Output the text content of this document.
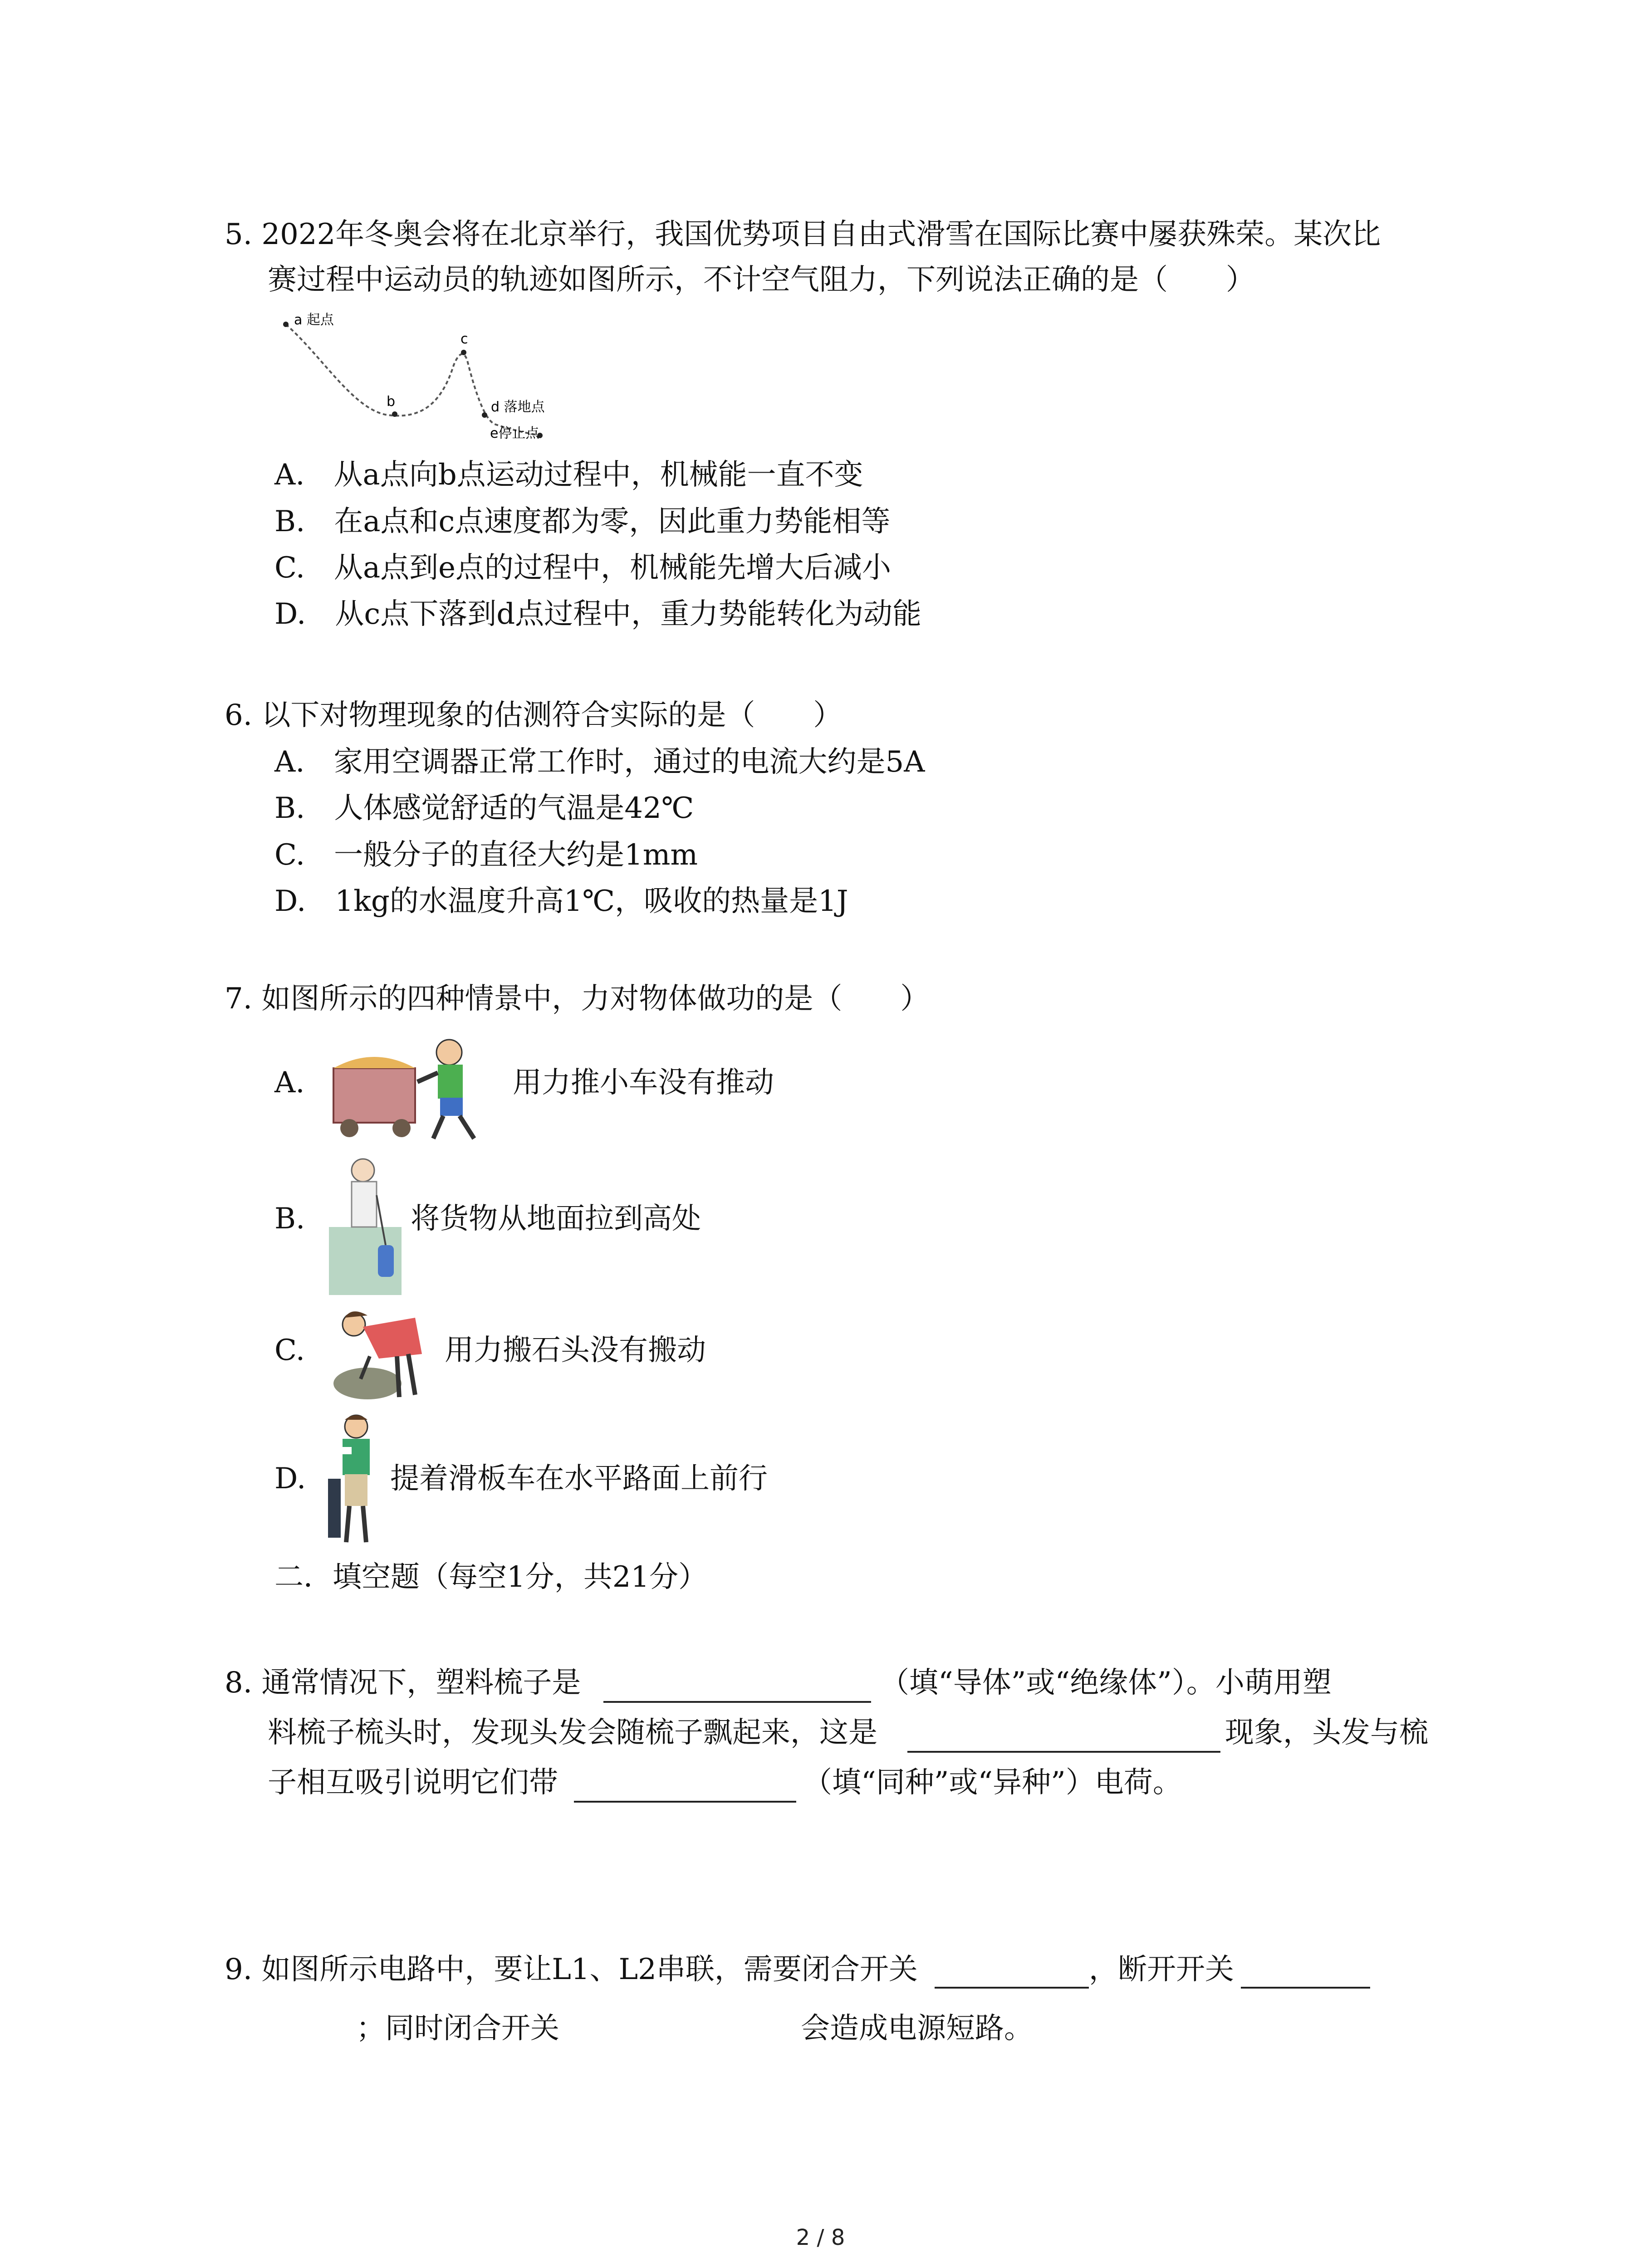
5. 2022年冬奥会将在北京举行，我国优势项目自由式滑雪在国际比赛中屡获殊荣。某次比
赛过程中运动员的轨迹如图所示，不计空气阻力，下列说法正确的是（　　）
a 起点
b
c
d 落地点
e停止点
A.　从a点向b点运动过程中，机械能一直不变
B.　在a点和c点速度都为零，因此重力势能相等
C.　从a点到e点的过程中，机械能先增大后减小
D.　从c点下落到d点过程中，重力势能转化为动能
6. 以下对物理现象的估测符合实际的是（　　）
A.　家用空调器正常工作时，通过的电流大约是5A
B.　人体感觉舒适的气温是42℃
C.　一般分子的直径大约是1mm
D.　1kg的水温度升高1℃，吸收的热量是1J
7. 如图所示的四种情景中，力对物体做功的是（　　）
A.	用力推小车没有推动
B.	将货物从地面拉到高处
C.	用力搬石头没有搬动
D.	提着滑板车在水平路面上前行
二．填空题（每空1分，共21分）
8. 通常情况下，塑料梳子是	（填“导体”或“绝缘体”）。小萌用塑
料梳子梳头时，发现头发会随梳子飘起来，这是	现象，头发与梳
子相互吸引说明它们带	（填“同种”或“异种”）电荷。
9. 如图所示电路中，要让L1、L2串联，需要闭合开关	，断开开关
；同时闭合开关	会造成电源短路。
2 / 8
